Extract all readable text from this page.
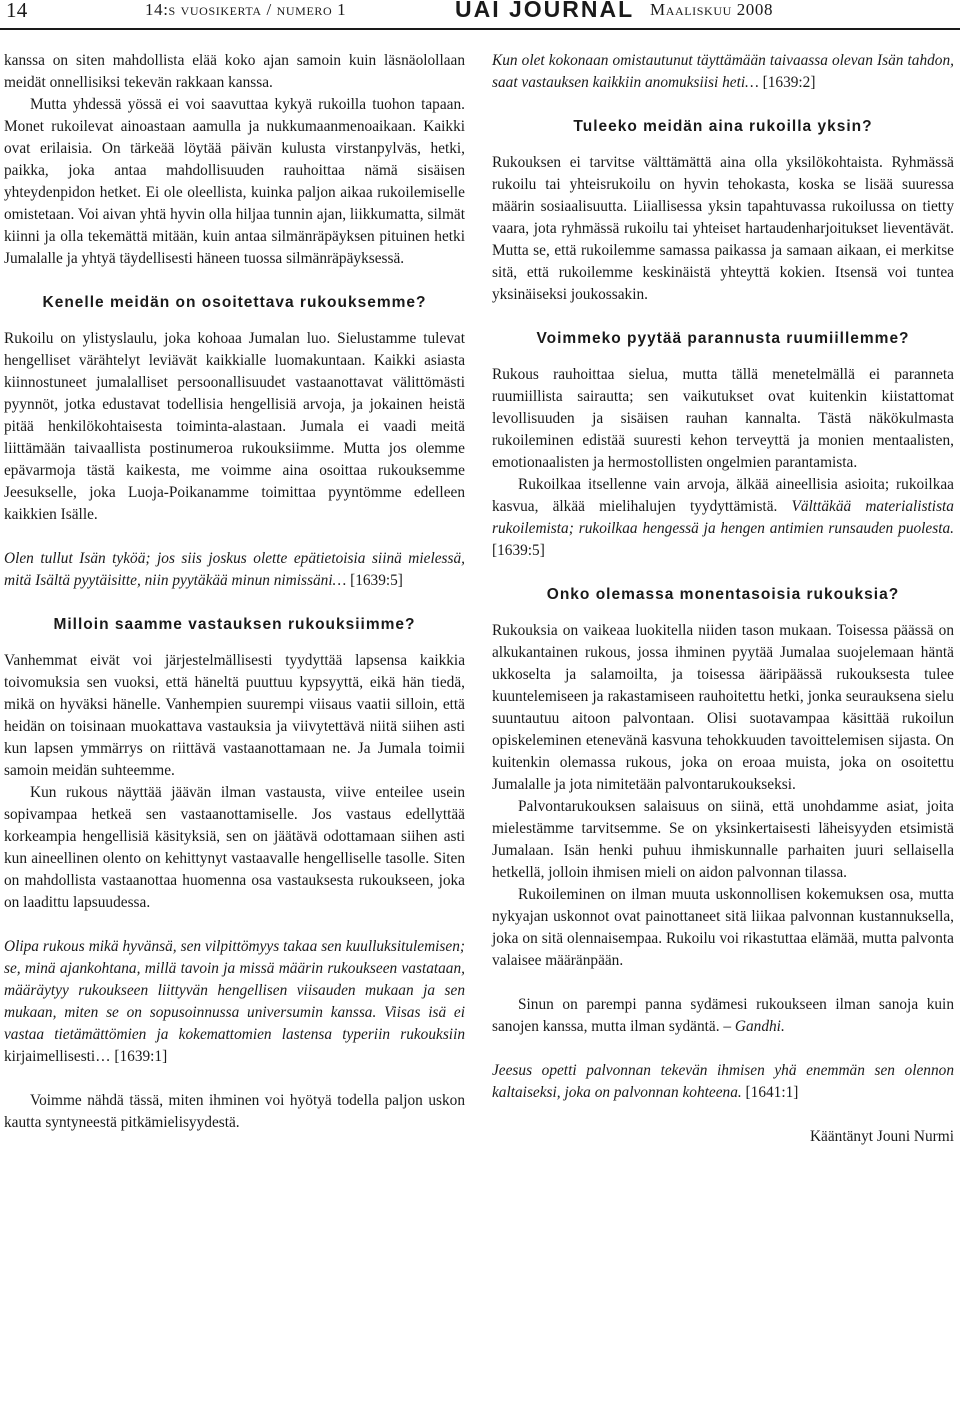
14	14:s vuosikerta / numero 1	UAI JOURNAL Maaliskuu 2008

kanssa on siten mahdollista elää koko ajan samoin kuin läsnäolollaan meidät onnellisiksi tekevän rakkaan kanssa.

Mutta yhdessä yössä ei voi saavuttaa kykyä rukoilla tuohon tapaan. Monet rukoilevat ainoastaan aamulla ja nukkumaanmenoaikaan. Kaikki ovat erilaisia. On tärkeää löytää päivän kulusta virstanpylväs, hetki, paikka, joka antaa mahdollisuuden rauhoittaa nämä sisäisen yhteydenpidon hetket. Ei ole oleellista, kuinka paljon aikaa rukoilemiselle omistetaan. Voi aivan yhtä hyvin olla hiljaa tunnin ajan, liikkumatta, silmät kiinni ja olla tekemättä mitään, kuin antaa silmänräpäyksen pituinen hetki Jumalalle ja yhtyä täydellisesti häneen tuossa silmänräpäyksessä.

Kenelle meidän on osoitettava rukouksemme?

Rukoilu on ylistyslaulu, joka kohoaa Jumalan luo. Sielustamme tulevat hengelliset värähtelyt leviävät kaikkialle luomakuntaan. Kaikki asiasta kiinnostuneet jumalalliset persoonallisuudet vastaanottavat välittömästi pyynnöt, jotka edustavat todellisia hengellisiä arvoja, ja jokainen heistä pitää henkilökohtaisesta toiminta-alastaan. Jumala ei vaadi meitä liittämään taivaallista postinumeroa rukouksiimme. Mutta jos olemme epävarmoja tästä kaikesta, me voimme aina osoittaa rukouksemme Jeesukselle, joka Luoja-Poikanamme toimittaa pyyntömme edelleen kaikkien Isälle.

Olen tullut Isän tyköä; jos siis joskus olette epätietoisia siinä mielessä, mitä Isältä pyytäisitte, niin pyytäkää minun nimissäni… [1639:5]

Milloin saamme vastauksen rukouksiimme?

Vanhemmat eivät voi järjestelmällisesti tyydyttää lapsensa kaikkia toivomuksia sen vuoksi, että häneltä puuttuu kypsyyttä, eikä hän tiedä, mikä on hyväksi hänelle. Vanhempien suurempi viisaus vaatii silloin, että heidän on toisinaan muokattava vastauksia ja viivytettävä niitä siihen asti kun lapsen ymmärrys on riittävä vastaanottamaan ne. Ja Jumala toimii samoin meidän suhteemme.

Kun rukous näyttää jäävän ilman vastausta, viive enteilee usein sopivampaa hetkeä sen vastaanottamiselle. Jos vastaus edellyttää korkeampia hengellisiä käsityksiä, sen on jäätävä odottamaan siihen asti kun aineellinen olento on kehittynyt vastaavalle hengelliselle tasolle. Siten on mahdollista vastaanottaa huomenna osa vastauksesta rukoukseen, joka on laadittu lapsuudessa.

Olipa rukous mikä hyvänsä, sen vilpittömyys takaa sen kuulluksitulemisen; se, minä ajankohtana, millä tavoin ja missä määrin rukoukseen vastataan, määräytyy rukoukseen liittyvän hengellisen viisauden mukaan ja sen mukaan, miten se on sopusoinnussa universumin kanssa. Viisas isä ei vastaa tietämättömien ja kokemattomien lastensa typeriin rukouksiin kirjaimellisesti… [1639:1]

Voimme nähdä tässä, miten ihminen voi hyötyä todella paljon uskon kautta syntyneestä pitkämielisyydestä.

Kun olet kokonaan omistautunut täyttämään taivaassa olevan Isän tahdon, saat vastauksen kaikkiin anomuksiisi heti… [1639:2]

Tuleeko meidän aina rukoilla yksin?

Rukouksen ei tarvitse välttämättä aina olla yksilökohtaista. Ryhmässä rukoilu tai yhteisrukoilu on hyvin tehokasta, koska se lisää suuressa määrin sosiaalisuutta. Liiallisessa yksin tapahtuvassa rukoilussa on tietty vaara, jota ryhmässä rukoilu tai yhteiset hartaudenharjoitukset lieventävät. Mutta se, että rukoilemme samassa paikassa ja samaan aikaan, ei merkitse sitä, että rukoilemme keskinäistä yhteyttä kokien. Itsensä voi tuntea yksinäiseksi joukossakin.

Voimmeko pyytää parannusta ruumiillemme?

Rukous rauhoittaa sielua, mutta tällä menetelmällä ei paranneta ruumiillista sairautta; sen vaikutukset ovat kuitenkin kiistattomat levollisuuden ja sisäisen rauhan kannalta. Tästä näkökulmasta rukoileminen edistää suuresti kehon terveyttä ja monien mentaalisten, emotionaalisten ja hermostollisten ongelmien parantamista.

Rukoilkaa itsellenne vain arvoja, älkää aineellisia asioita; rukoilkaa kasvua, älkää mielihalujen tyydyttämistä. Välttäkää materialistista rukoilemista; rukoilkaa hengessä ja hengen antimien runsauden puolesta. [1639:5]

Onko olemassa monentasoisia rukouksia?

Rukouksia on vaikeaa luokitella niiden tason mukaan. Toisessa päässä on alkukantainen rukous, jossa ihminen pyytää Jumalaa suojelemaan häntä ukkoselta ja salamoilta, ja toisessa ääripäässä rukouksesta tulee kuuntelemiseen ja rakastamiseen rauhoitettu hetki, jonka seurauksena sielu suuntautuu aitoon palvontaan. Olisi suotavampaa käsittää rukoilun opiskeleminen etenevänä kasvuna tehokkuuden tavoittelemisen sijasta. On kuitenkin olemassa rukous, joka on eroaa muista, joka on osoitettu Jumalalle ja jota nimitetään palvontarukoukseksi.

Palvontarukouksen salaisuus on siinä, että unohdamme asiat, joita mielestämme tarvitsemme. Se on yksinkertaisesti läheisyyden etsimistä Jumalaan. Isän henki puhuu ihmiskunnalle parhaiten juuri sellaisella hetkellä, jolloin ihmisen mieli on aidon palvonnan tilassa.

Rukoileminen on ilman muuta uskonnollisen kokemuksen osa, mutta nykyajan uskonnot ovat painottaneet sitä liikaa palvonnan kustannuksella, joka on sitä olennaisempaa. Rukoilu voi rikastuttaa elämää, mutta palvonta valaisee määränpään.

Sinun on parempi panna sydämesi rukoukseen ilman sanoja kuin sanojen kanssa, mutta ilman sydäntä. – Gandhi.

Jeesus opetti palvonnan tekevän ihmisen yhä enemmän sen olennon kaltaiseksi, joka on palvonnan kohteena. [1641:1]

Kääntänyt Jouni Nurmi
